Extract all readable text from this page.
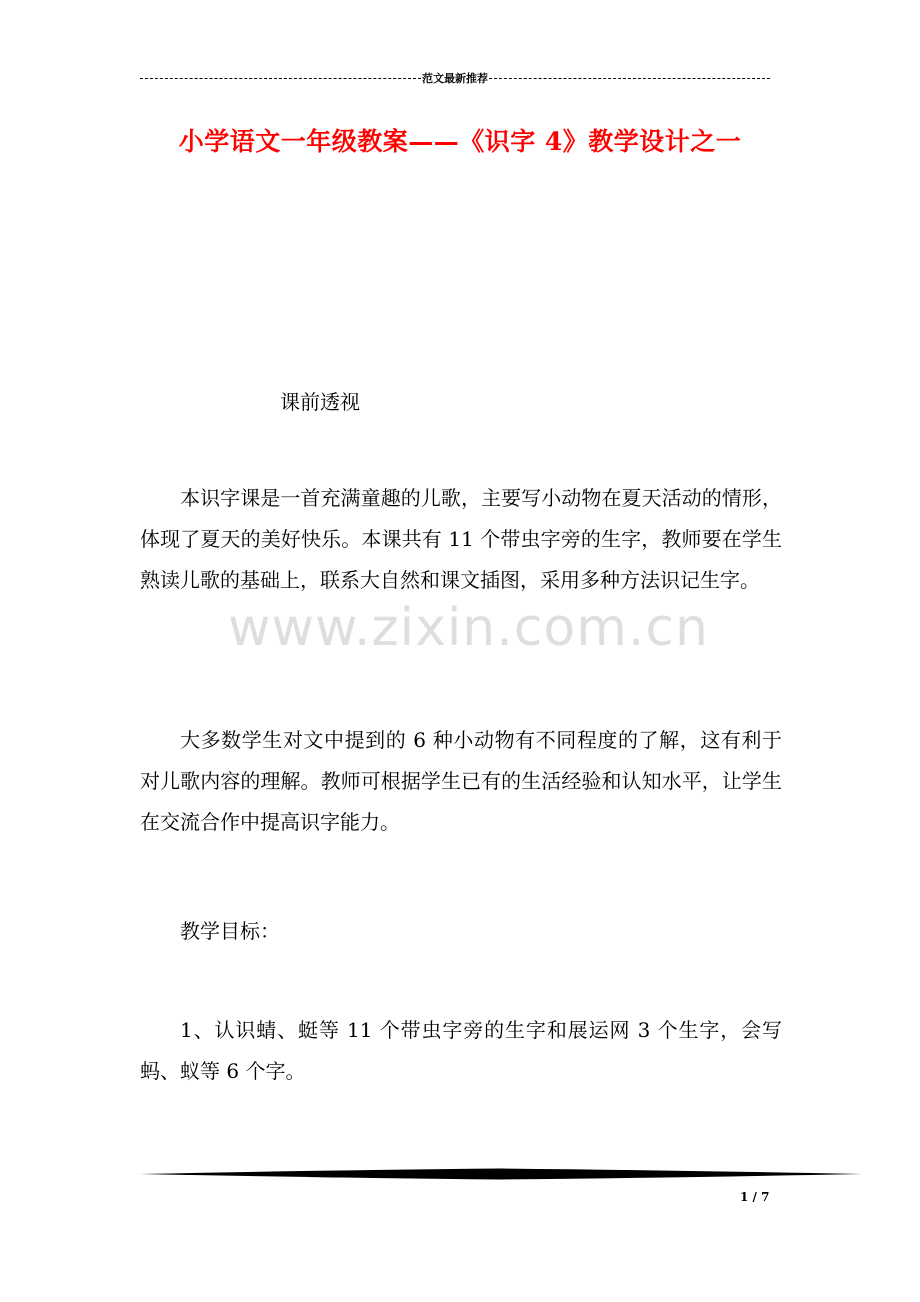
范文最新推荐
小学语文一年级教案——《识字 4》教学设计之一
课前透视

本识字课是一首充满童趣的儿歌，主要写小动物在夏天活动的情形，体现了夏天的美好快乐。本课共有 11 个带虫字旁的生字，教师要在学生熟读儿歌的基础上，联系大自然和课文插图，采用多种方法识记生字。

www.zixin.com.cn

大多数学生对文中提到的 6 种小动物有不同程度的了解，这有利于对儿歌内容的理解。教师可根据学生已有的生活经验和认知水平，让学生在交流合作中提高识字能力。

教学目标：

1、认识蜻、蜓等 11 个带虫字旁的生字和展运网 3 个生字，会写蚂、蚁等 6 个字。

1 / 7
